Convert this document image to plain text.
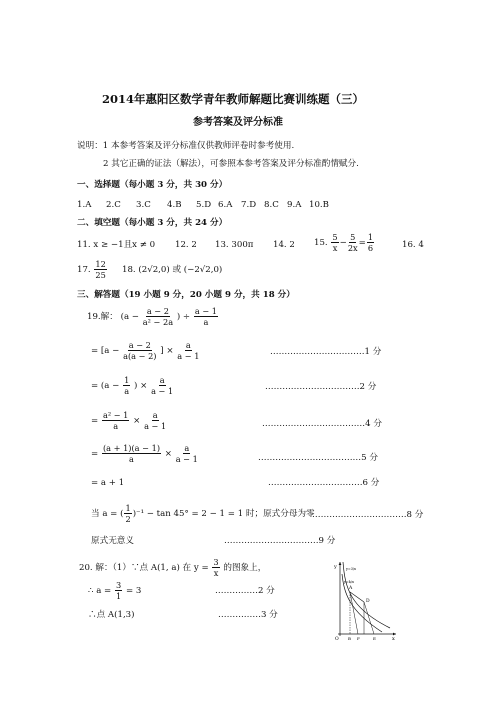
2014年惠阳区数学青年教师解题比赛训练题（三）
参考答案及评分标准
说明：1 本参考答案及评分标准仅供教师评卷时参考使用.
2 其它正确的证法（解法），可参照本参考答案及评分标准酌情赋分.
一、选择题（每小题 3 分，共 30 分）
1.A 2.C 3.C 4.B 5.D 6.A 7.D 8.C 9.A 10.B
二、填空题（每小题 3 分，共 24 分）
11. x ≥ −1且x ≠ 0 12. 2 13. 300π 14. 2 15. $\frac{5}{x} - \frac{5}{2x} = \frac{1}{6}$	16. 4
17. $\frac{12}{25} 18$. (2√2,0) 或 (−2√2,0)
三、解答题（19 小题 9 分，20 小题 9 分，共 18 分）
19.解： ($a - \frac{a - 2}{\text{a² − 2a}}$ ) ÷ $\frac{a - 1}{a}$
= [$a - \frac{a - 2}{a(a - 2)}$ ] × $\frac{a}{a - 1}$	……………………………1 分
= ($a - \frac{1}{a}$ ) × $\frac{a}{a - 1}$	……………………………2 分
= $\frac{\text{a² − 1}}{a} \times \frac{a}{a - 1}$	………………………………4 分
= $\frac{(a + 1)(a - 1)}{a} \times \frac{a}{a - 1}$	………………………………5 分
= a + 1	……………………………6 分
当 a = ( $\frac{1}{2} )^{-1} - \tan 45^\circ = 2 - 1 = 1$ 时；原式分母为零
……………………………8 分
原式无意义	……………………………9 分
20. 解：（1）∵点 A(1, a) 在 $y = \frac{3}{x}$ 的图象上，
∴ $a = \frac{3}{1} = 3$	……………2 分
∴点 A(1,3)	……………3 分
y
x
O
A
D
B F	E
y=3/x
y=k/x
